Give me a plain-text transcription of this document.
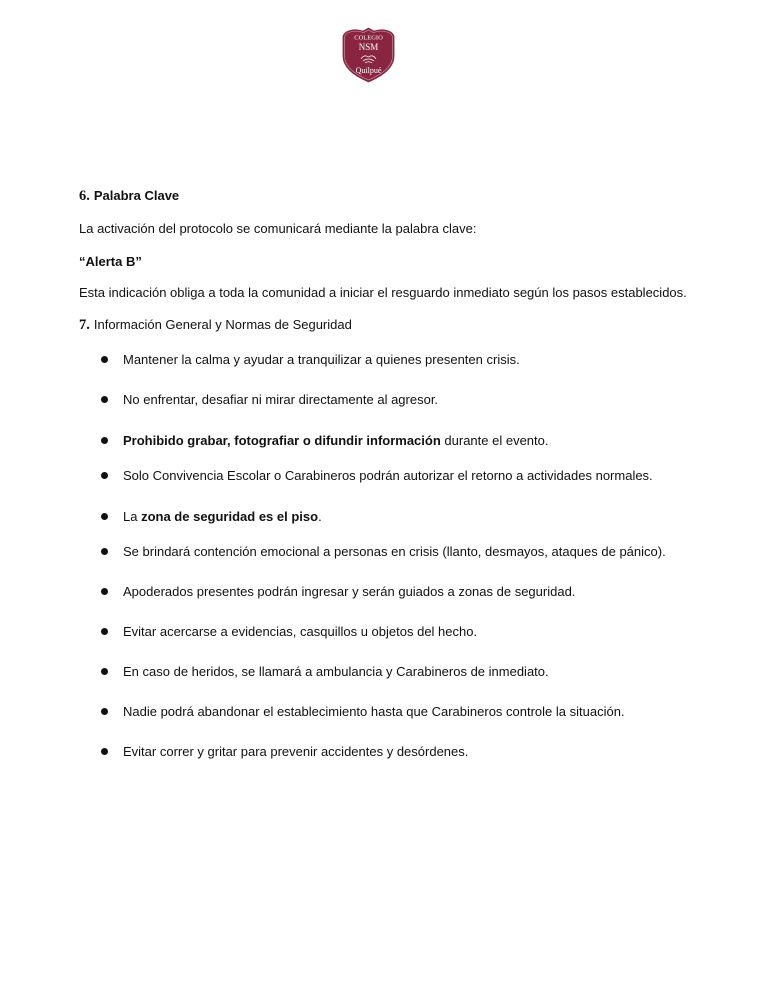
COLEGIO
NSM
Quilpué
6. Palabra Clave
La activación del protocolo se comunicará mediante la palabra clave:
“Alerta B”
Esta indicación obliga a toda la comunidad a iniciar el resguardo inmediato según los pasos establecidos.
7. Información General y Normas de Seguridad
Mantener la calma y ayudar a tranquilizar a quienes presenten crisis.
No enfrentar, desafiar ni mirar directamente al agresor.
Prohibido grabar, fotografiar o difundir información durante el evento.
Solo Convivencia Escolar o Carabineros podrán autorizar el retorno a actividades normales.
La zona de seguridad es el piso.
Se brindará contención emocional a personas en crisis (llanto, desmayos, ataques de pánico).
Apoderados presentes podrán ingresar y serán guiados a zonas de seguridad.
Evitar acercarse a evidencias, casquillos u objetos del hecho.
En caso de heridos, se llamará a ambulancia y Carabineros de inmediato.
Nadie podrá abandonar el establecimiento hasta que Carabineros controle la situación.
Evitar correr y gritar para prevenir accidentes y desórdenes.
